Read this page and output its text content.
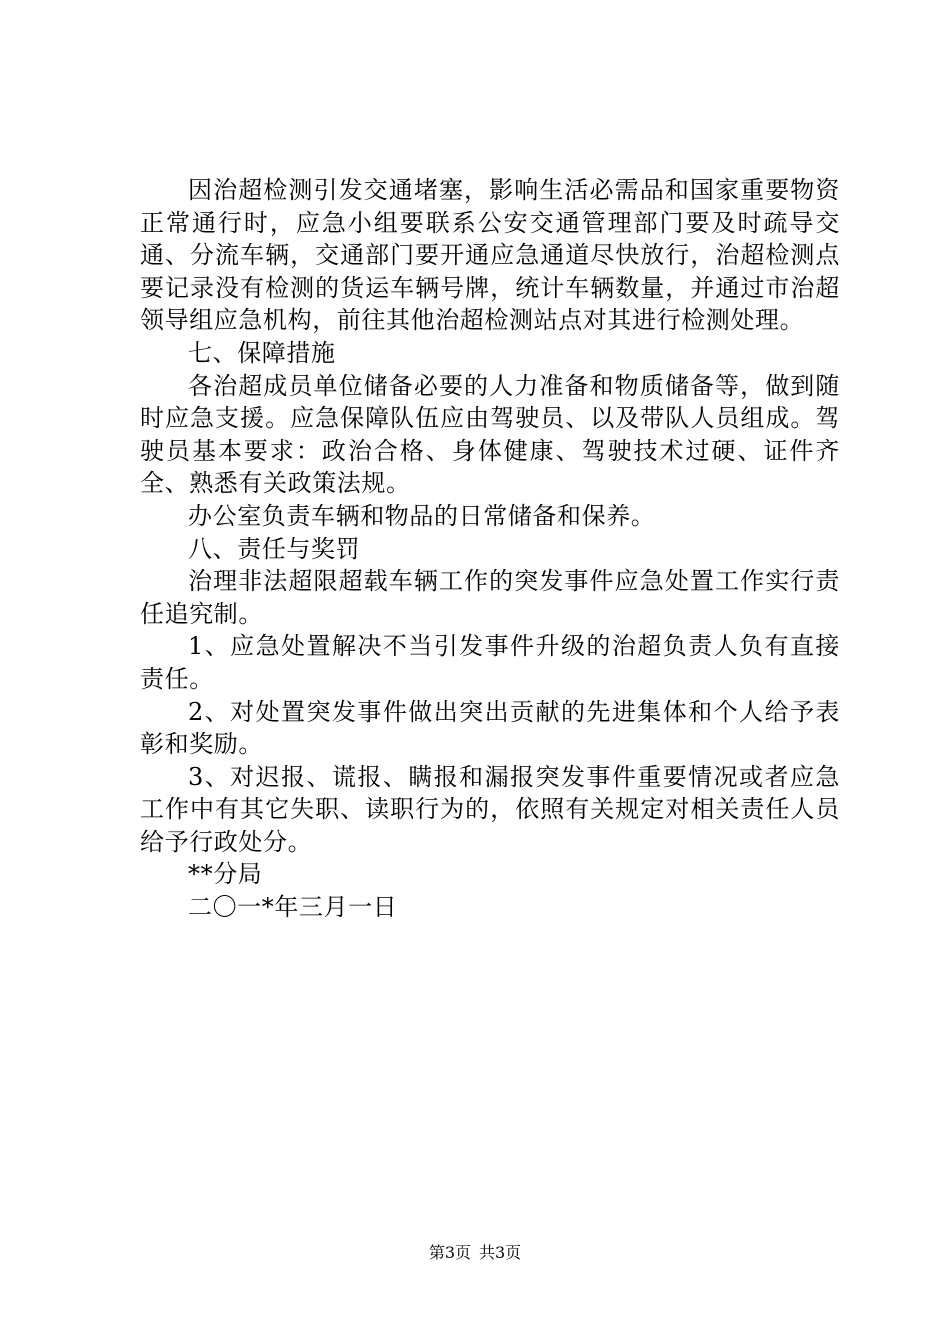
因治超检测引发交通堵塞，影响生活必需品和国家重要物资正常通行时，应急小组要联系公安交通管理部门要及时疏导交通、分流车辆，交通部门要开通应急通道尽快放行，治超检测点要记录没有检测的货运车辆号牌，统计车辆数量，并通过市治超领导组应急机构，前往其他治超检测站点对其进行检测处理。

七、保障措施

各治超成员单位储备必要的人力准备和物质储备等，做到随时应急支援。应急保障队伍应由驾驶员、以及带队人员组成。驾驶员基本要求：政治合格、身体健康、驾驶技术过硬、证件齐全、熟悉有关政策法规。

办公室负责车辆和物品的日常储备和保养。

八、责任与奖罚

治理非法超限超载车辆工作的突发事件应急处置工作实行责任追究制。

1、应急处置解决不当引发事件升级的治超负责人负有直接责任。

2、对处置突发事件做出突出贡献的先进集体和个人给予表彰和奖励。

3、对迟报、谎报、瞒报和漏报突发事件重要情况或者应急工作中有其它失职、读职行为的，依照有关规定对相关责任人员给予行政处分。

**分局

二〇一*年三月一日

第3页 共3页
